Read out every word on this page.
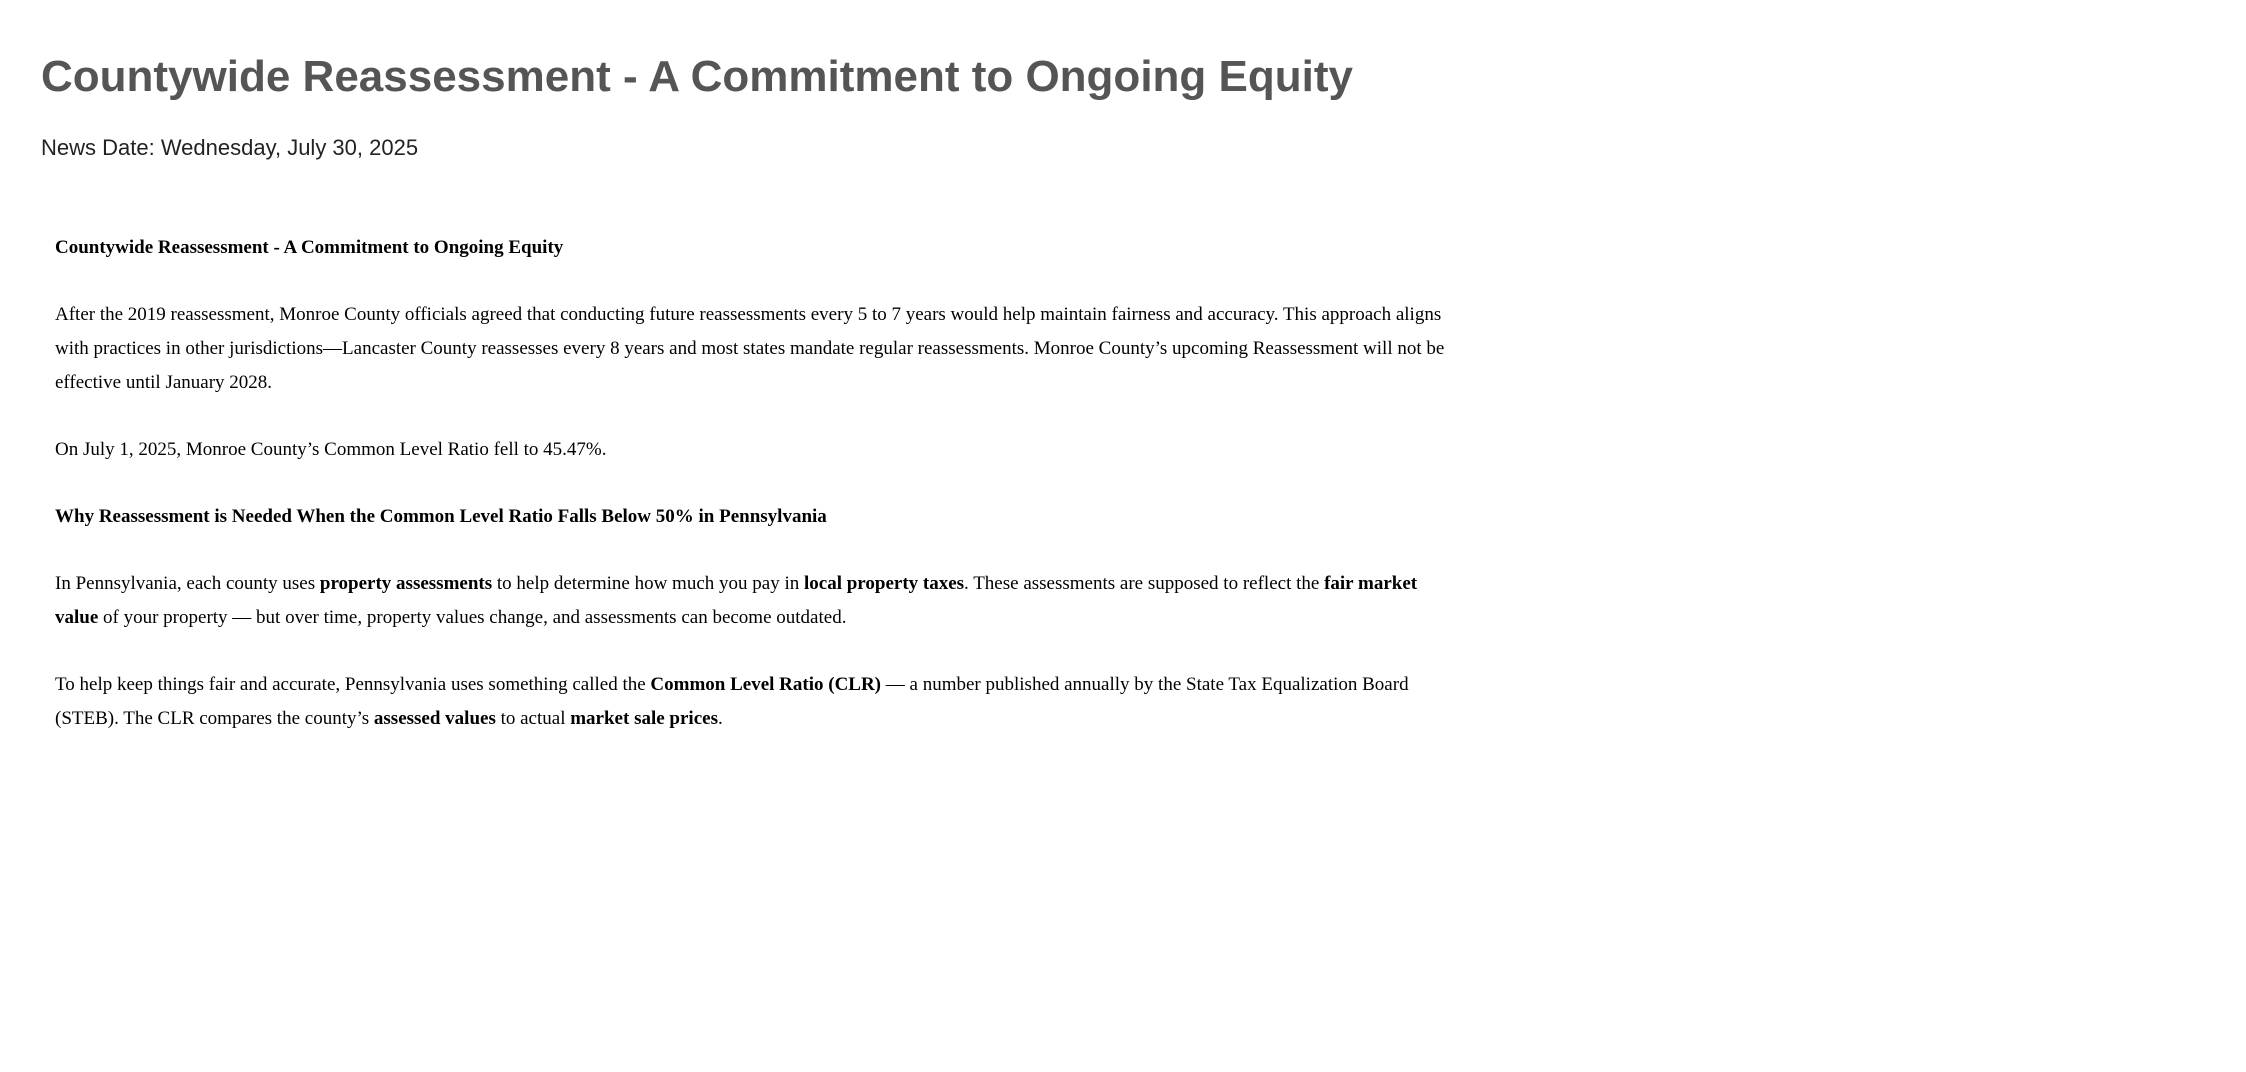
Countywide Reassessment - A Commitment to Ongoing Equity

News Date: Wednesday, July 30, 2025

Countywide Reassessment - A Commitment to Ongoing Equity
After the 2019 reassessment, Monroe County officials agreed that conducting future reassessments every 5 to 7 years would help maintain fairness and accuracy. This approach aligns
with practices in other jurisdictions—Lancaster County reassesses every 8 years and most states mandate regular reassessments. Monroe County’s upcoming Reassessment will not be
effective until January 2028.
On July 1, 2025, Monroe County’s Common Level Ratio fell to 45.47%.
Why Reassessment is Needed When the Common Level Ratio Falls Below 50% in Pennsylvania
In Pennsylvania, each county uses property assessments to help determine how much you pay in local property taxes. These assessments are supposed to reflect the fair market
value of your property — but over time, property values change, and assessments can become outdated.
To help keep things fair and accurate, Pennsylvania uses something called the Common Level Ratio (CLR) — a number published annually by the State Tax Equalization Board
(STEB). The CLR compares the county’s assessed values to actual market sale prices.
